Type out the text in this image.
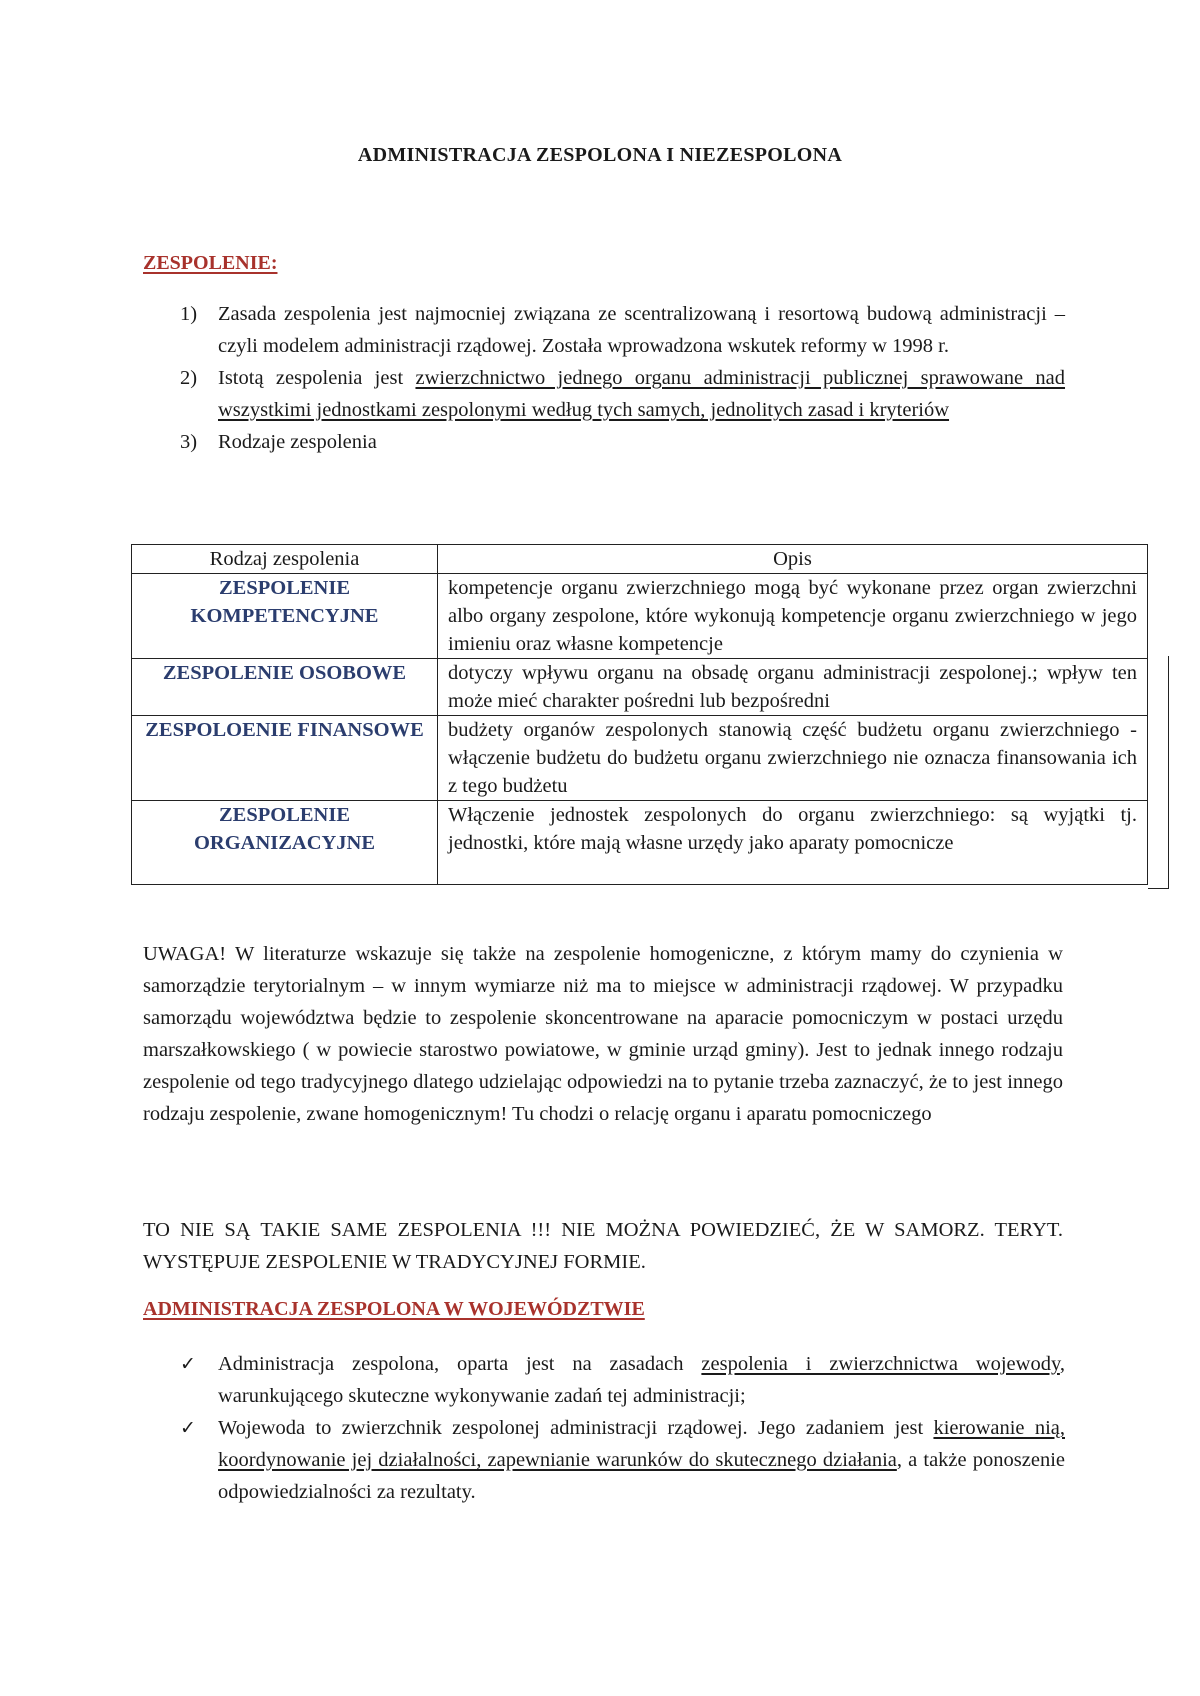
ADMINISTRACJA ZESPOLONA I NIEZESPOLONA
ZESPOLENIE:
1)	Zasada zespolenia jest najmocniej związana ze scentralizowaną i resortową budową administracji – czyli modelem administracji rządowej. Została wprowadzona wskutek reformy w 1998 r.
2)	Istotą zespolenia jest zwierzchnictwo jednego organu administracji publicznej sprawowane nad wszystkimi jednostkami zespolonymi według tych samych, jednolitych zasad i kryteriów
3)	Rodzaje zespolenia
Rodzaj zespolenia	Opis
ZESPOLENIE KOMPETENCYJNE	kompetencje organu zwierzchniego mogą być wykonane przez organ zwierzchni albo organy zespolone, które wykonują kompetencje organu zwierzchniego w jego imieniu oraz własne kompetencje
ZESPOLENIE OSOBOWE	dotyczy wpływu organu na obsadę organu administracji zespolonej.; wpływ ten może mieć charakter pośredni lub bezpośredni
ZESPOLOENIE FINANSOWE	budżety organów zespolonych stanowią część budżetu organu zwierzchniego - włączenie budżetu do budżetu organu zwierzchniego nie oznacza finansowania ich z tego budżetu
ZESPOLENIE ORGANIZACYJNE	Włączenie jednostek zespolonych do organu zwierzchniego: są wyjątki tj. jednostki, które mają własne urzędy jako aparaty pomocnicze
UWAGA! W literaturze wskazuje się także na zespolenie homogeniczne, z którym mamy do czynienia w samorządzie terytorialnym – w innym wymiarze niż ma to miejsce w administracji rządowej. W przypadku samorządu województwa będzie to zespolenie skoncentrowane na aparacie pomocniczym w postaci urzędu marszałkowskiego ( w powiecie starostwo powiatowe, w gminie urząd gminy). Jest to jednak innego rodzaju zespolenie od tego tradycyjnego dlatego udzielając odpowiedzi na to pytanie trzeba zaznaczyć, że to jest innego rodzaju zespolenie, zwane homogenicznym! Tu chodzi o relację organu i aparatu pomocniczego
TO NIE SĄ TAKIE SAME ZESPOLENIA !!! NIE MOŻNA POWIEDZIEĆ, ŻE W SAMORZ. TERYT. WYSTĘPUJE ZESPOLENIE W TRADYCYJNEJ FORMIE.
ADMINISTRACJA ZESPOLONA W WOJEWÓDZTWIE
✓	Administracja zespolona, oparta jest na zasadach zespolenia i zwierzchnictwa wojewody, warunkującego skuteczne wykonywanie zadań tej administracji;
✓	Wojewoda to zwierzchnik zespolonej administracji rządowej. Jego zadaniem jest kierowanie nią, koordynowanie jej działalności, zapewnianie warunków do skutecznego działania, a także ponoszenie odpowiedzialności za rezultaty.
